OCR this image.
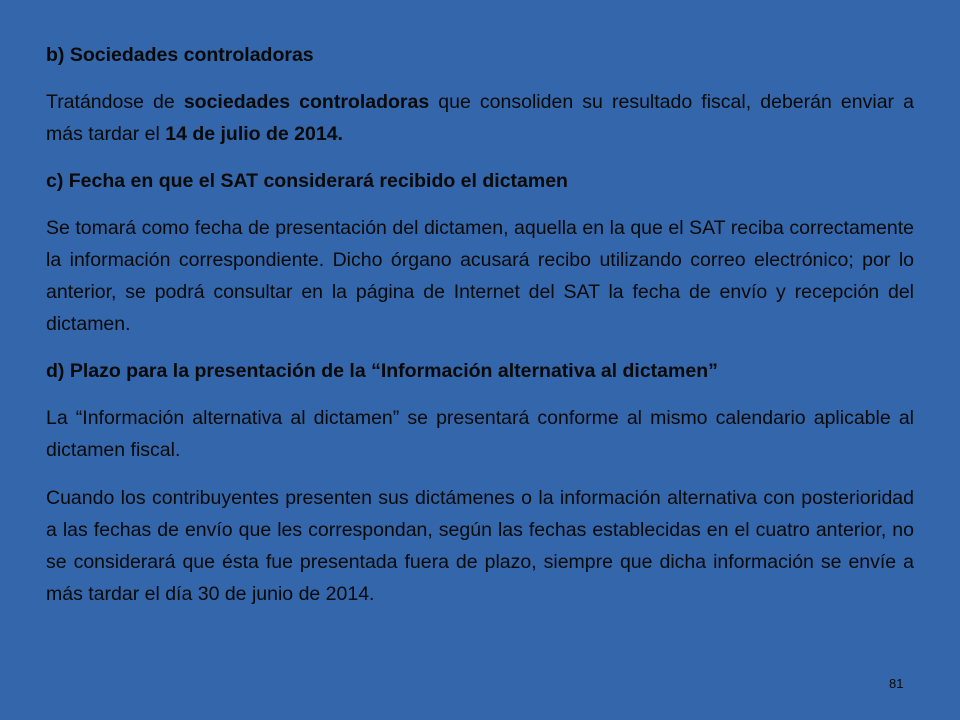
b) Sociedades controladoras
Tratándose de sociedades controladoras que consoliden su resultado fiscal, deberán enviar a más tardar el 14 de julio de 2014.
c) Fecha en que el SAT considerará recibido el dictamen
Se tomará como fecha de presentación del dictamen, aquella en la que el SAT reciba correctamente la información correspondiente. Dicho órgano acusará recibo utilizando correo electrónico; por lo anterior, se podrá consultar en la página de Internet del SAT la fecha de envío y recepción del dictamen.
d) Plazo para la presentación de la “Información alternativa al dictamen”
La “Información alternativa al dictamen” se presentará conforme al mismo calendario aplicable al dictamen fiscal.
Cuando los contribuyentes presenten sus dictámenes o la información alternativa con posterioridad a las fechas de envío que les correspondan, según las fechas establecidas en el cuatro anterior, no se considerará que ésta fue presentada fuera de plazo, siempre que dicha información se envíe a más tardar el día 30 de junio de 2014.
81
